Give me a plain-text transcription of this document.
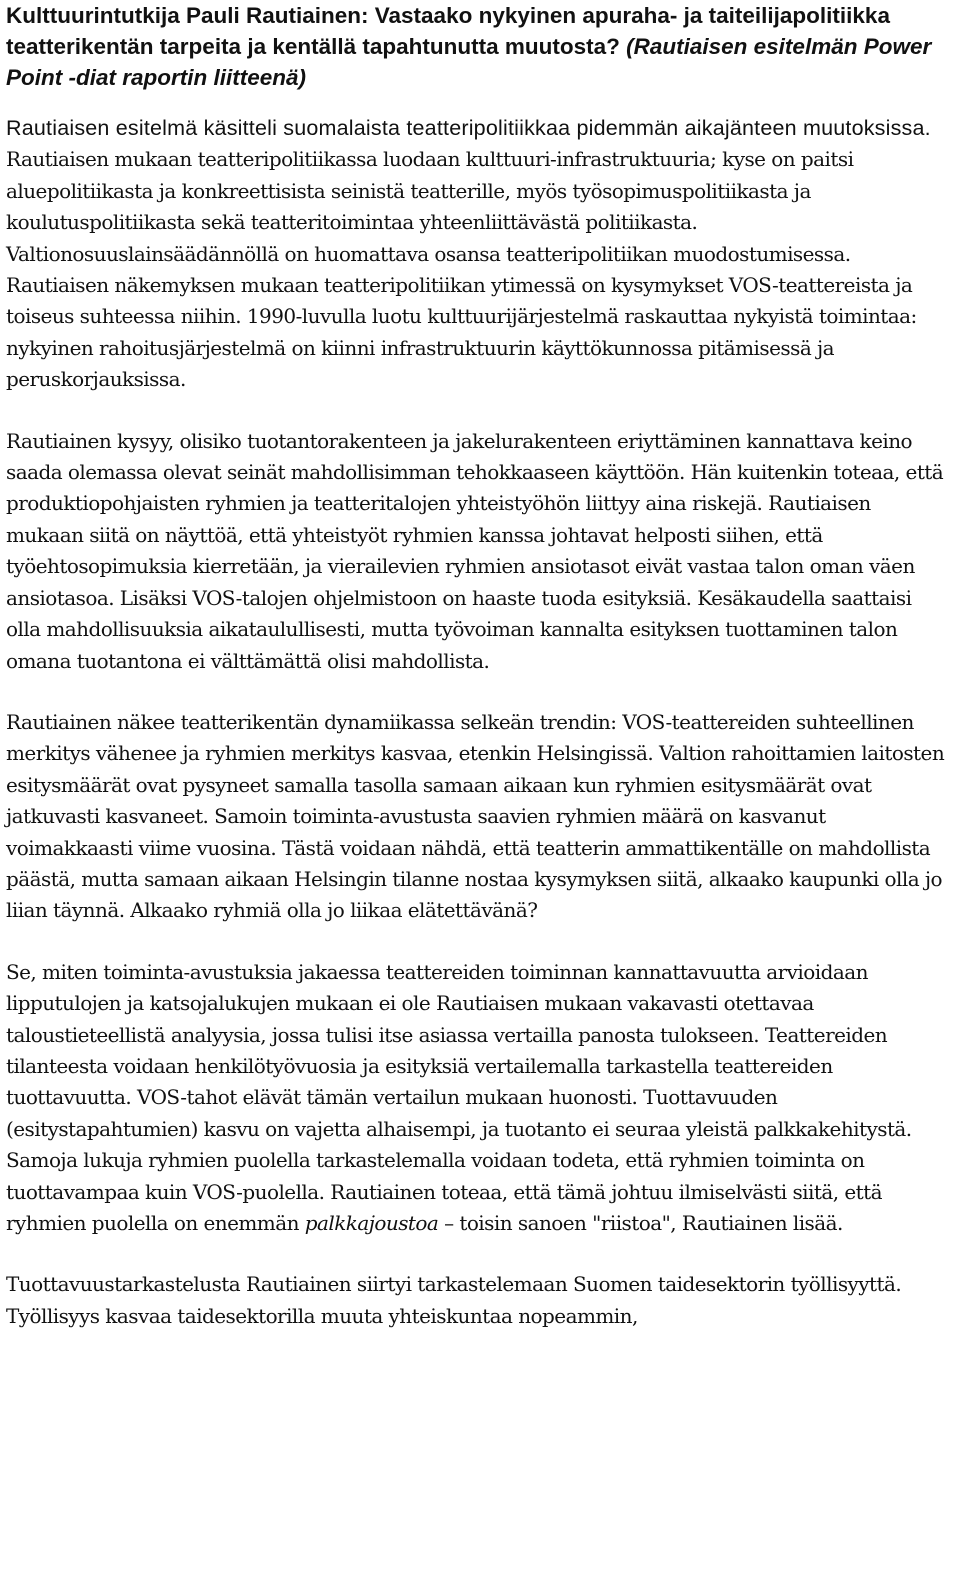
Kulttuurintutkija Pauli Rautiainen: Vastaako nykyinen apuraha- ja taiteilijapolitiikka teatterikentän tarpeita ja kentällä tapahtunutta muutosta? (Rautiaisen esitelmän Power Point -diat raportin liitteenä)

Rautiaisen esitelmä käsitteli suomalaista teatteripolitiikkaa pidemmän aikajänteen muutoksissa. Rautiaisen mukaan teatteripolitiikassa luodaan kulttuuri-infrastruktuuria; kyse on paitsi aluepolitiikasta ja konkreettisista seinistä teatterille, myös työsopimuspolitiikasta ja koulutuspolitiikasta sekä teatteritoimintaa yhteenliittävästä politiikasta. Valtionosuuslainsäädännöllä on huomattava osansa teatteripolitiikan muodostumisessa. Rautiaisen näkemyksen mukaan teatteripolitiikan ytimessä on kysymykset VOS-teattereista ja toiseus suhteessa niihin. 1990-luvulla luotu kulttuurijärjestelmä raskauttaa nykyistä toimintaa: nykyinen rahoitusjärjestelmä on kiinni infrastruktuurin käyttökunnossa pitämisessä ja peruskorjauksissa.

Rautiainen kysyy, olisiko tuotantorakenteen ja jakelurakenteen eriyttäminen kannattava keino saada olemassa olevat seinät mahdollisimman tehokkaaseen käyttöön. Hän kuitenkin toteaa, että produktiopohjaisten ryhmien ja teatteritalojen yhteistyöhön liittyy aina riskejä. Rautiaisen mukaan siitä on näyttöä, että yhteistyöt ryhmien kanssa johtavat helposti siihen, että työehtosopimuksia kierretään, ja vierailevien ryhmien ansiotasot eivät vastaa talon oman väen ansiotasoa. Lisäksi VOS-talojen ohjelmistoon on haaste tuoda esityksiä. Kesäkaudella saattaisi olla mahdollisuuksia aikataulullisesti, mutta työvoiman kannalta esityksen tuottaminen talon omana tuotantona ei välttämättä olisi mahdollista.

Rautiainen näkee teatterikentän dynamiikassa selkeän trendin: VOS-teattereiden suhteellinen merkitys vähenee ja ryhmien merkitys kasvaa, etenkin Helsingissä. Valtion rahoittamien laitosten esitysmäärät ovat pysyneet samalla tasolla samaan aikaan kun ryhmien esitysmäärät ovat jatkuvasti kasvaneet. Samoin toiminta-avustusta saavien ryhmien määrä on kasvanut voimakkaasti viime vuosina. Tästä voidaan nähdä, että teatterin ammattikentälle on mahdollista päästä, mutta samaan aikaan Helsingin tilanne nostaa kysymyksen siitä, alkaako kaupunki olla jo liian täynnä. Alkaako ryhmiä olla jo liikaa elätettävänä?

Se, miten toiminta-avustuksia jakaessa teattereiden toiminnan kannattavuutta arvioidaan lipputulojen ja katsojalukujen mukaan ei ole Rautiaisen mukaan vakavasti otettavaa taloustieteellistä analyysia, jossa tulisi itse asiassa vertailla panosta tulokseen. Teattereiden tilanteesta voidaan henkilötyövuosia ja esityksiä vertailemalla tarkastella teattereiden tuottavuutta. VOS-tahot elävät tämän vertailun mukaan huonosti. Tuottavuuden (esitystapahtumien) kasvu on vajetta alhaisempi, ja tuotanto ei seuraa yleistä palkkakehitystä. Samoja lukuja ryhmien puolella tarkastelemalla voidaan todeta, että ryhmien toiminta on tuottavampaa kuin VOS-puolella. Rautiainen toteaa, että tämä johtuu ilmiselvästi siitä, että ryhmien puolella on enemmän palkkajoustoa – toisin sanoen "riistoa", Rautiainen lisää.

Tuottavuustarkastelusta Rautiainen siirtyi tarkastelemaan Suomen taidesektorin työllisyyttä. Työllisyys kasvaa taidesektorilla muuta yhteiskuntaa nopeammin,
